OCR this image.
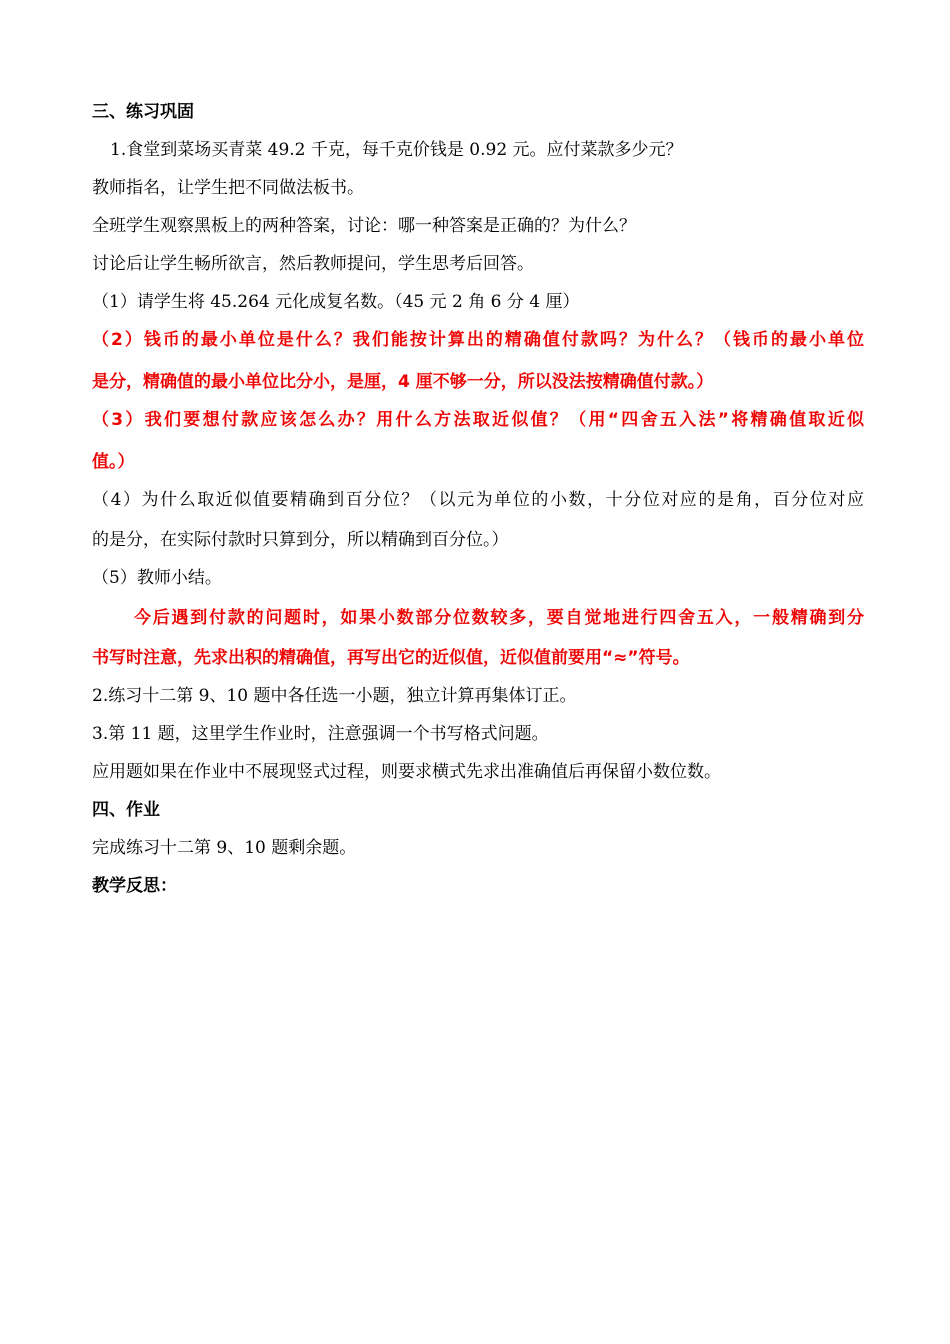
三、练习巩固
1.食堂到菜场买青菜 49.2 千克，每千克价钱是 0.92 元。应付菜款多少元？
教师指名，让学生把不同做法板书。
全班学生观察黑板上的两种答案，讨论：哪一种答案是正确的？为什么？
讨论后让学生畅所欲言，然后教师提问，学生思考后回答。
（1）请学生将 45.264 元化成复名数。（45 元 2 角 6 分 4 厘）
（2）钱币的最小单位是什么？我们能按计算出的精确值付款吗？为什么？（钱币的最小单位
是分，精确值的最小单位比分小，是厘，4 厘不够一分，所以没法按精确值付款。）
（3）我们要想付款应该怎么办？用什么方法取近似值？（用“四舍五入法”将精确值取近似
值。）
（4）为什么取近似值要精确到百分位？（以元为单位的小数，十分位对应的是角，百分位对应
的是分，在实际付款时只算到分，所以精确到百分位。）
（5）教师小结。
今后遇到付款的问题时，如果小数部分位数较多，要自觉地进行四舍五入，一般精确到分
书写时注意，先求出积的精确值，再写出它的近似值，近似值前要用“≈”符号。
2.练习十二第 9、10 题中各任选一小题，独立计算再集体订正。
3.第 11 题，这里学生作业时，注意强调一个书写格式问题。
应用题如果在作业中不展现竖式过程，则要求横式先求出准确值后再保留小数位数。
四、作业
完成练习十二第 9、10 题剩余题。
教学反思：
